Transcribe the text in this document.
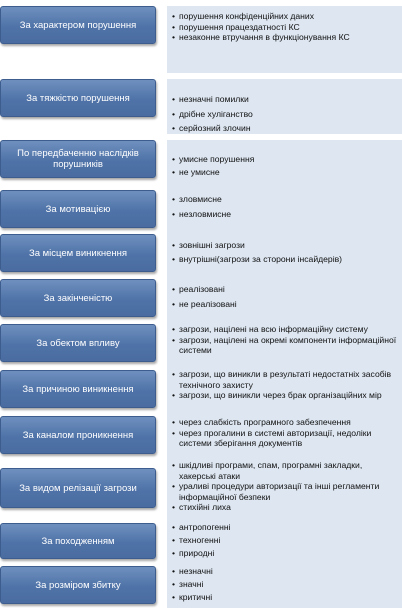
За характером порушення
• порушення конфіденційних даних
• порушення працездатності КС
• незаконне втручання в функціонування КС
За тяжкістю порушення	• незначні помилки
• дрібне хуліганство
• серйозний злочин
По передбаченню наслідків порушників	• умисне порушення
• не умисне
За мотивацією
• зловмисне
• незловмисне
За місцем виникнення
• зовнішні загрози
• внутрішні(загрози за сторони інсайдерів)
За закінченістю
• реалізовані
• не реалізовані
За обектом впливу
• загрози, націлені на всю інформаційну систему
• загрози, націлені на окремі компоненти інформаційної системи
За причиною виникнення
• загрози, що виникли в результаті недостатніх засобів технічного захисту
• загрози, що виникли через брак організаційних мір
За каналом проникнення
• через слабкість програмного забезпечення
• через прогалини в системі авторизації, недоліки системи зберігання документів
За видом релізації загрози
• шкідливі програми, спам, програмні закладки, хакерські атаки
• ураливі процедури авторизації та інші регламенти інформаційної безпеки
• стихійні лиха
За походженням
• антропогенні
• техногенні
• природні
За розміром збитку
• незначні
• значні
• критичні
